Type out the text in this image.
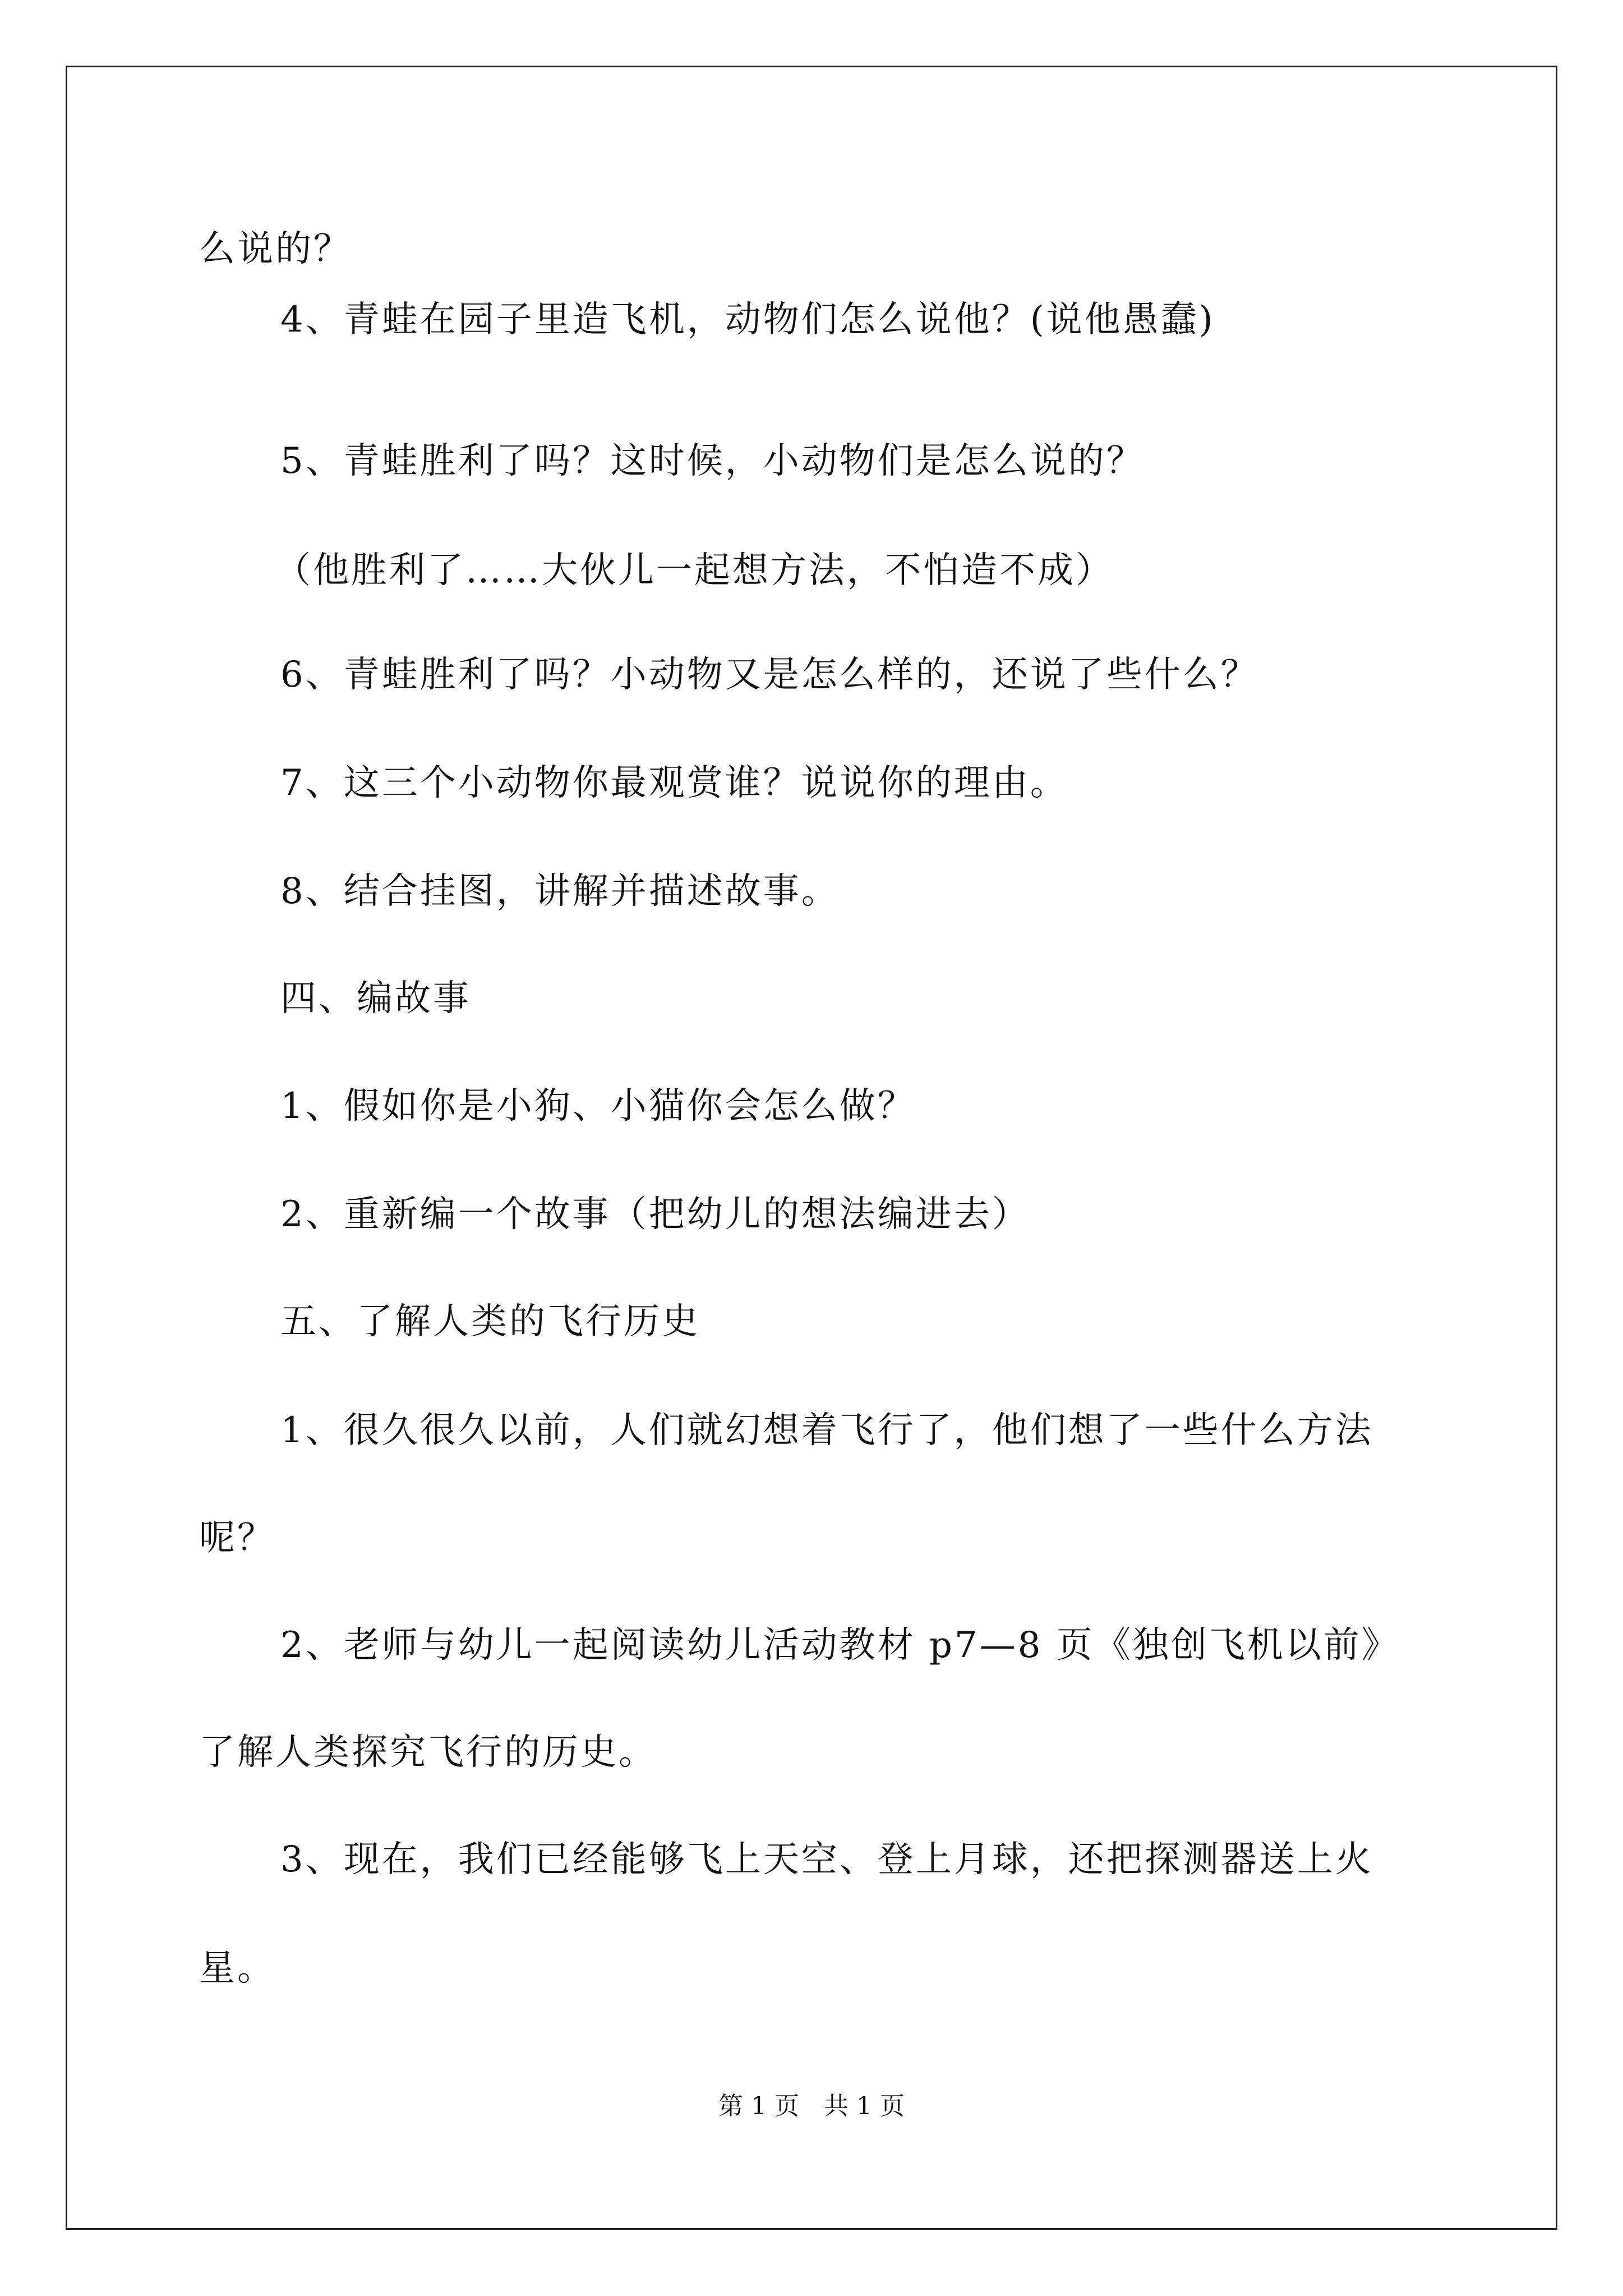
么说的？
4、青蛙在园子里造飞机，动物们怎么说他？(说他愚蠢)
5、青蛙胜利了吗？这时候，小动物们是怎么说的？
（他胜利了……大伙儿一起想方法，不怕造不成）
6、青蛙胜利了吗？小动物又是怎么样的，还说了些什么？
7、这三个小动物你最观赏谁？说说你的理由。
8、结合挂图，讲解并描述故事。
四、编故事
1、假如你是小狗、小猫你会怎么做？
2、重新编一个故事（把幼儿的想法编进去）
五、了解人类的飞行历史
1、很久很久以前，人们就幻想着飞行了，他们想了一些什么方法
呢？
2、老师与幼儿一起阅读幼儿活动教材 p7—8 页《独创飞机以前》
了解人类探究飞行的历史。
3、现在，我们已经能够飞上天空、登上月球，还把探测器送上火
星。
第 1 页　共 1 页
